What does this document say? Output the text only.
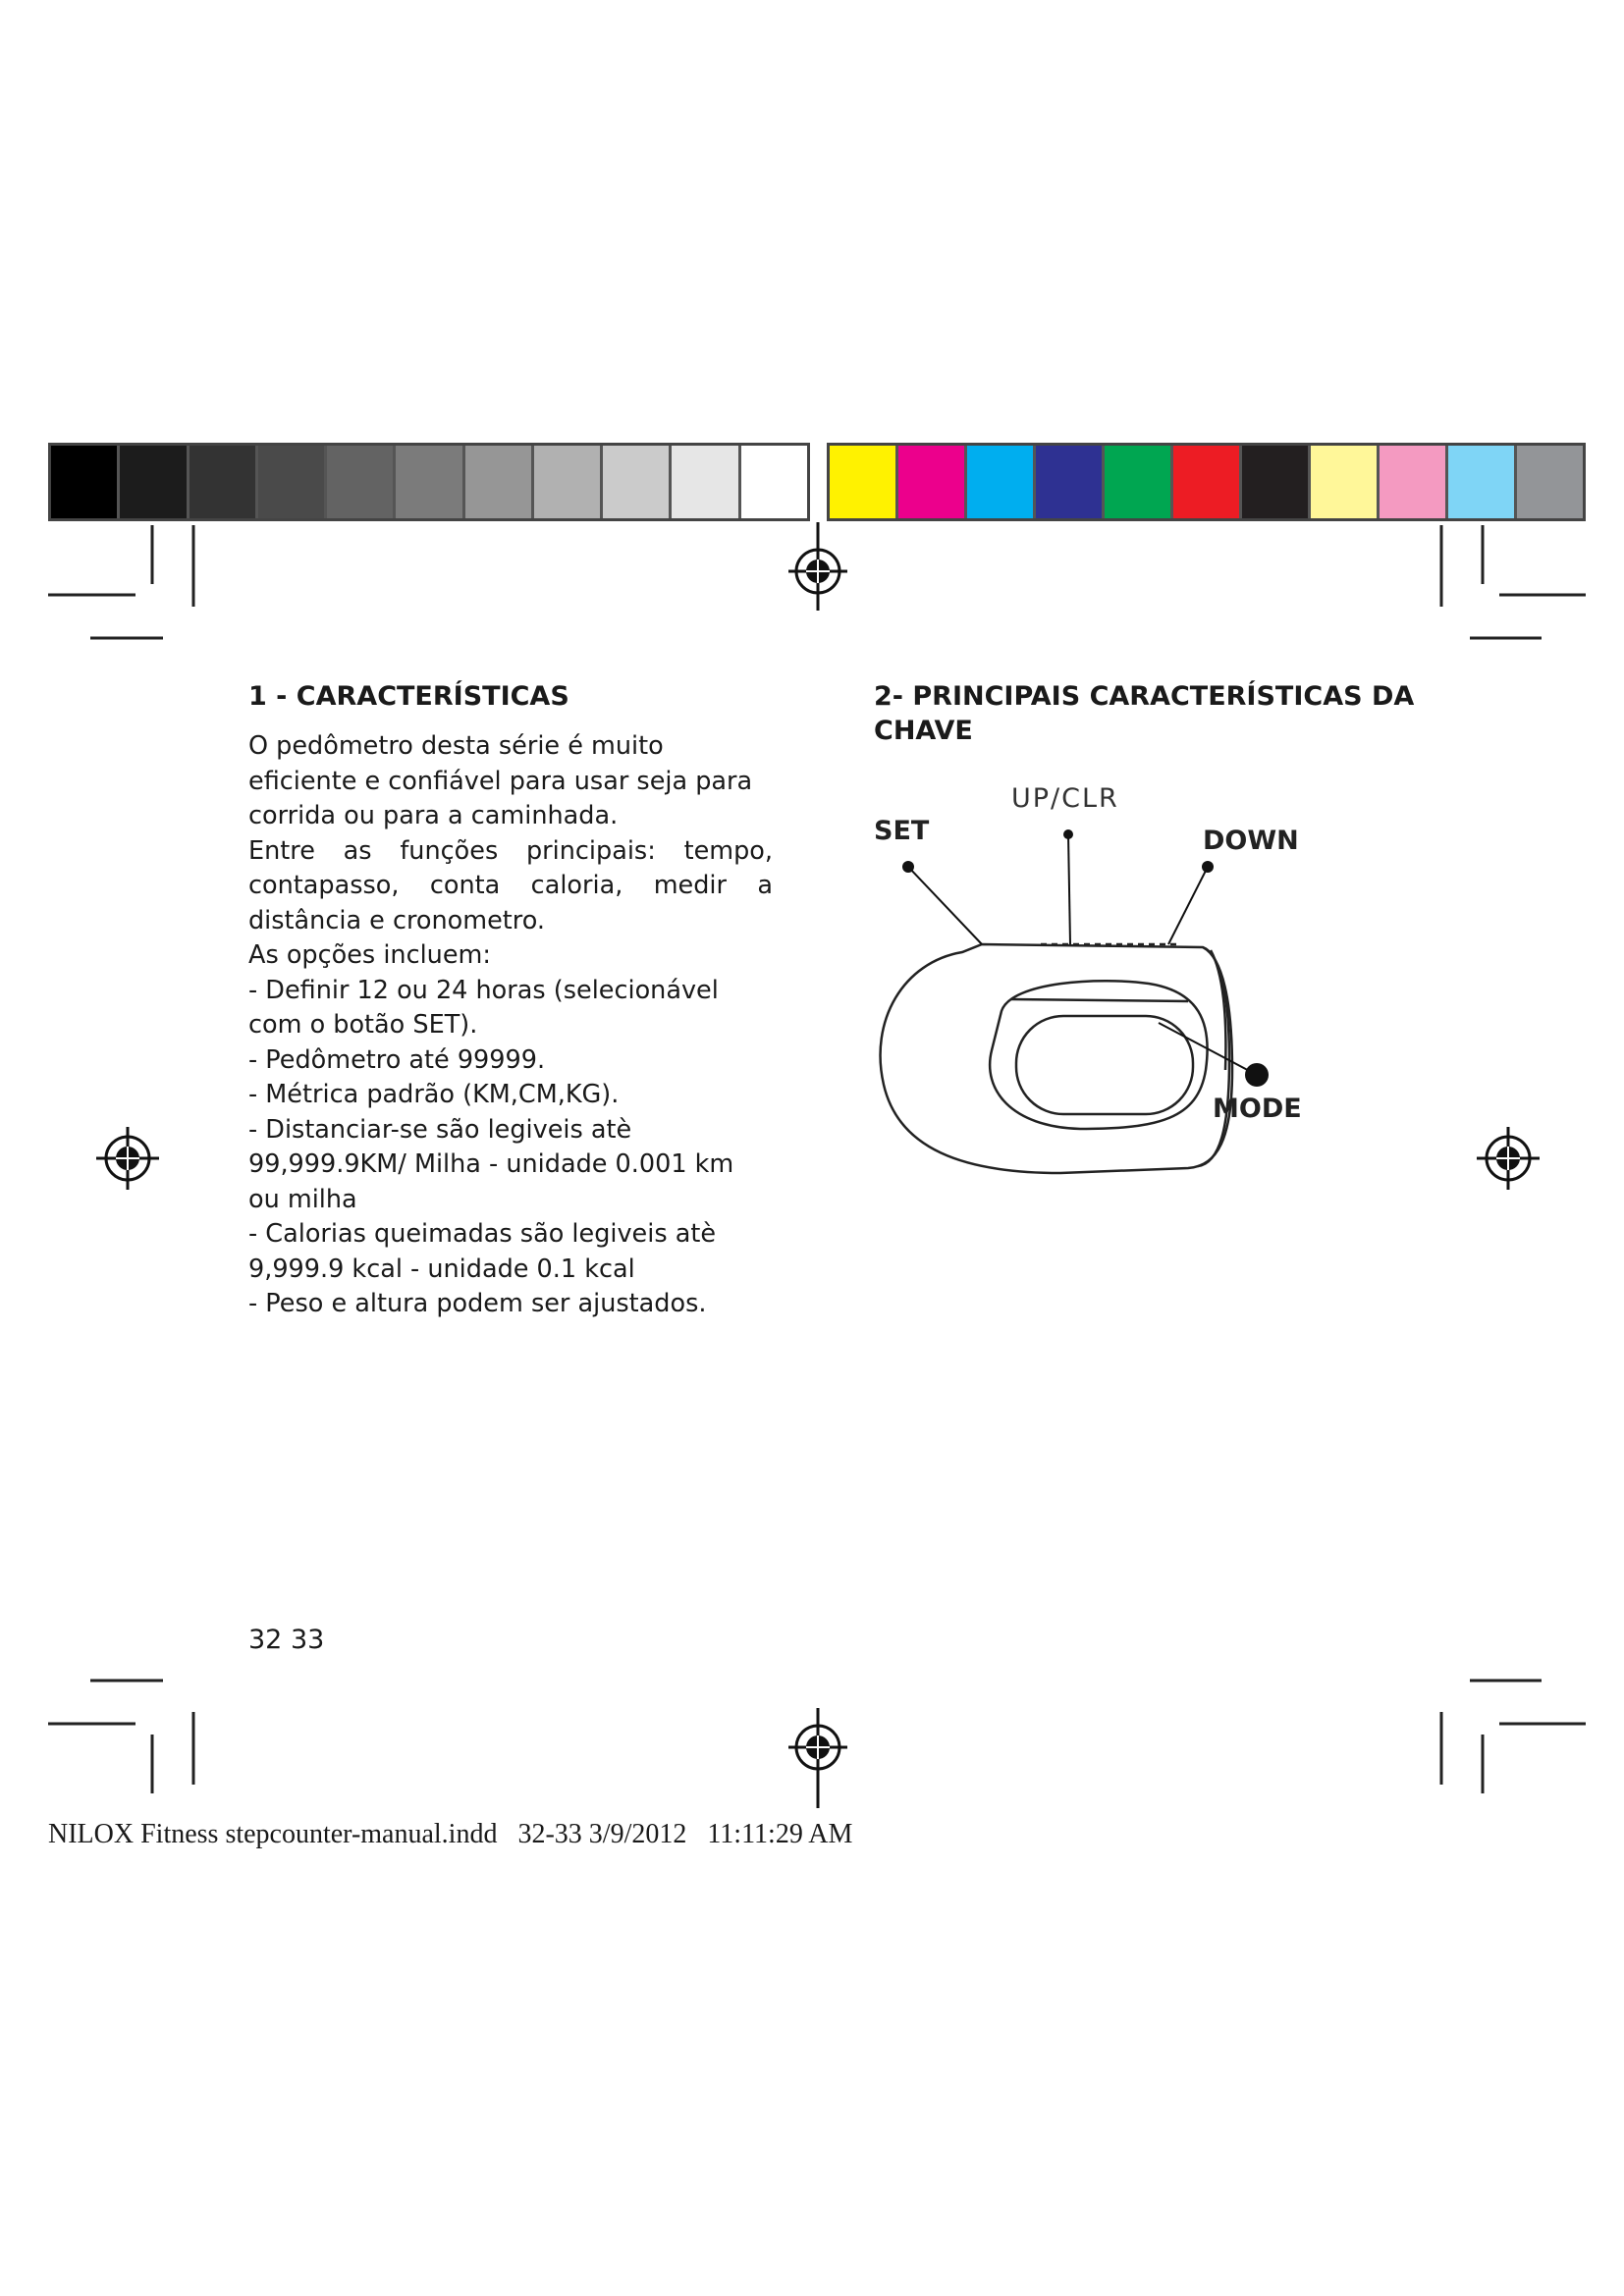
1 - CARACTERÍSTICAS

O pedômetro desta série é muito eficiente e confiável para usar seja para corrida ou para a caminhada.

Entre as funções principais: tempo, contapasso, conta caloria, medir a distância e cronometro.

As opções incluem:

- Definir 12 ou 24 horas (selecionável com o botão SET).

- Pedômetro até 99999.

- Métrica padrão (KM,CM,KG).

- Distanciar-se são legiveis atè 99,999.9KM/ Milha - unidade 0.001 km ou milha

- Calorias queimadas são legiveis atè 9,999.9 kcal - unidade 0.1 kcal

- Peso e altura podem ser ajustados.

2- PRINCIPAIS CARACTERÍSTICAS DA CHAVE
SET
UP/CLR
DOWN
MODE
32 33
NILOX Fitness stepcounter-manual.indd   32-33 3/9/2012   11:11:29 AM
